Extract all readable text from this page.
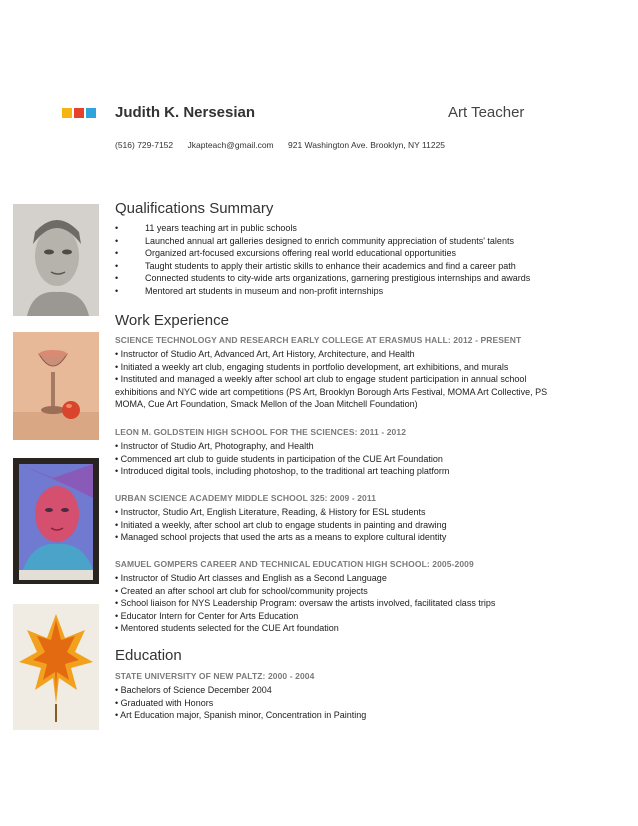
Judith K. Nersesian	Art Teacher
(516) 729-7152 Jkapteach@gmail.com 921 Washington Ave. Brooklyn, NY 11225
Qualifications Summary
• 11 years teaching art in public schools
• Launched annual art galleries designed to enrich community appreciation of students' talents
• Organized art-focused excursions offering real world educational opportunities
• Taught students to apply their artistic skills to enhance their academics and find a career path
• Connected students to city-wide arts organizations, garnering prestigious internships and awards
• Mentored art students in museum and non-profit internships
Work Experience
SCIENCE TECHNOLOGY AND RESEARCH EARLY COLLEGE AT ERASMUS HALL: 2012 - PRESENT
• Instructor of Studio Art, Advanced Art, Art History, Architecture, and Health
• Initiated a weekly art club, engaging students in portfolio development, art exhibitions, and murals
• Instituted and managed a weekly after school art club to engage student participation in annual school exhibitions and NYC wide art competitions (PS Art, Brooklyn Borough Arts Festival, MOMA Art Collective, PS MOMA, Cue Art Foundation, Smack Mellon of the Joan Mitchell Foundation)
LEON M. GOLDSTEIN HIGH SCHOOL FOR THE SCIENCES: 2011 - 2012
• Instructor of Studio Art, Photography, and Health
• Commenced art club to guide students in participation of the CUE Art Foundation
• Introduced digital tools, including photoshop, to the traditional art teaching platform
URBAN SCIENCE ACADEMY MIDDLE SCHOOL 325: 2009 - 2011
• Instructor, Studio Art, English Literature, Reading, & History for ESL students
• Initiated a weekly, after school art club to engage students in painting and drawing
• Managed school projects that used the arts as a means to explore cultural identity
SAMUEL GOMPERS CAREER AND TECHNICAL EDUCATION HIGH SCHOOL: 2005-2009
• Instructor of Studio Art classes and English as a Second Language
• Created an after school art club for school/community projects
• School liaison for NYS Leadership Program: oversaw the artists involved, facilitated class trips
• Educator Intern for Center for Arts Education
• Mentored students selected for the CUE Art foundation
Education
STATE UNIVERSITY OF NEW PALTZ: 2000 - 2004
• Bachelors of Science December 2004
• Graduated with Honors
• Art Education major, Spanish minor, Concentration in Painting
